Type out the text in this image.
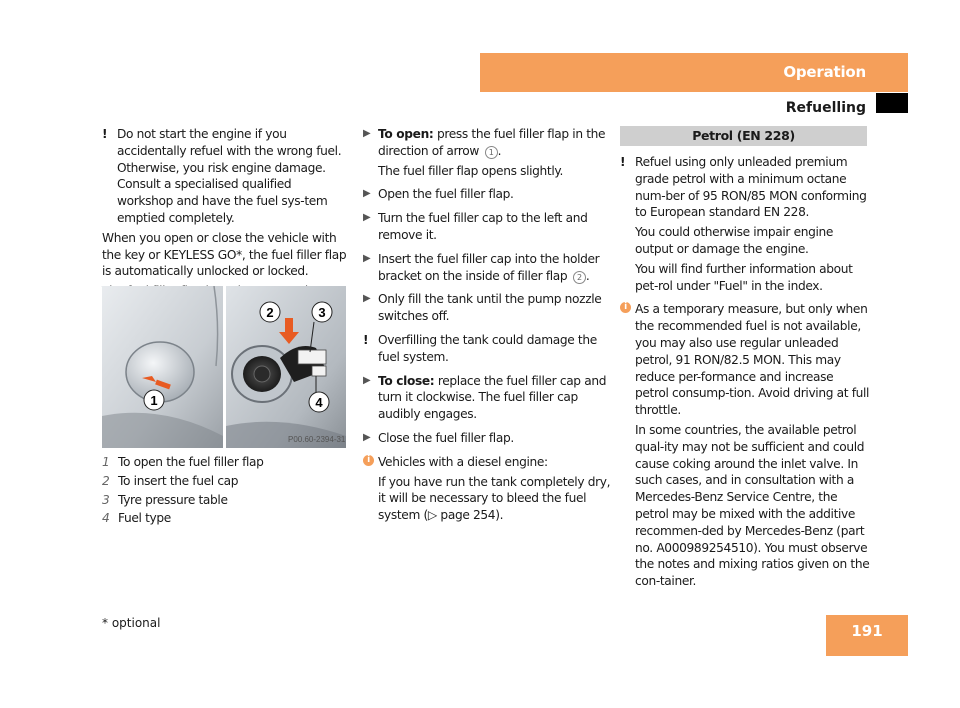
Operation
Refuelling
! Do not start the engine if you accidentally refuel with the wrong fuel. Otherwise, you risk engine damage. Consult a specialised qualified workshop and have the fuel sys-tem emptied completely.
When you open or close the vehicle with the key or KEYLESS GO*, the fuel filler flap is automatically unlocked or locked.
1
2	3
4
P00.60-2394-31
1 To open the fuel filler flap
2 To insert the fuel cap
3 Tyre pressure table
4 Fuel type
▶ To open: press the fuel filler flap in the direction of arrow 1 .
The fuel filler flap opens slightly.
▶ Open the fuel filler flap.
▶ Turn the fuel filler cap to the left and remove it.
▶ Insert the fuel filler cap into the holder bracket on the inside of filler flap 2 .
▶ Only fill the tank until the pump nozzle switches off.
! Overfilling the tank could damage the fuel system.
▶ To close: replace the fuel filler cap and turn it clockwise. The fuel filler cap audibly engages.
▶ Close the fuel filler flap.
i Vehicles with a diesel engine:
If you have run the tank completely dry, it will be necessary to bleed the fuel system (▷ page 254).
Petrol (EN 228)
! Refuel using only unleaded premium grade petrol with a minimum octane num-ber of 95 RON/85 MON conforming to European standard EN 228.
You could otherwise impair engine output or damage the engine.
You will find further information about pet-rol under "Fuel" in the index.
i As a temporary measure, but only when the recommended fuel is not available, you may also use regular unleaded petrol, 91 RON/82.5 MON. This may reduce per-formance and increase petrol consump-tion. Avoid driving at full throttle.
In some countries, the available petrol qual-ity may not be sufficient and could cause coking around the inlet valve. In such cases, and in consultation with a Mercedes-Benz Service Centre, the petrol may be mixed with the additive recommen-ded by Mercedes-Benz (part no. A000989254510). You must observe the notes and mixing ratios given on the con-tainer.
* optional	191
